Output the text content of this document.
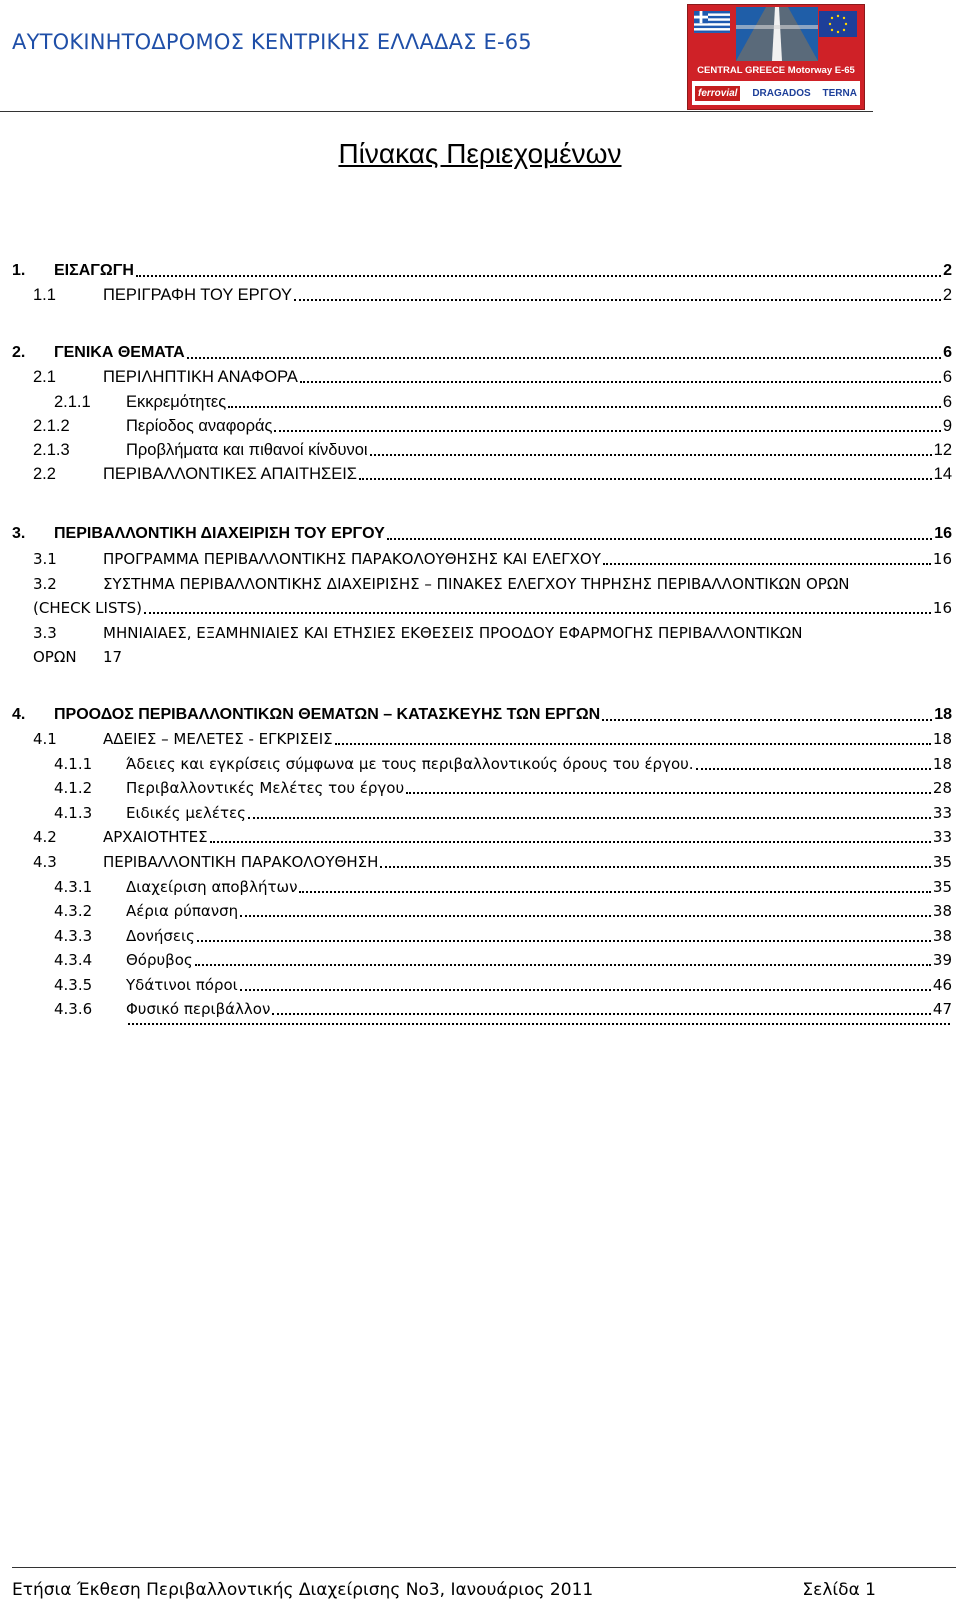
ΑΥΤΟΚΙΝΗΤΟΔΡΟΜΟΣ ΚΕΝΤΡΙΚΗΣ ΕΛΛΑΔΑΣ Ε-65
CENTRAL GREECE Motorway E-65
ferrovial	DRAGADOS TERNA
Πίνακας Περιεχομένων
1.	ΕΙΣΑΓΩΓΗ	2
1.1	ΠΕΡΙΓΡΑΦΗ ΤΟΥ ΕΡΓΟΥ	2
2.	ΓΕΝΙΚΑ ΘΕΜΑΤΑ	6
2.1	ΠΕΡΙΛΗΠΤΙΚΗ ΑΝΑΦΟΡΑ	6
2.1.1	Εκκρεμότητες	6
2.1.2	Περίοδος αναφοράς	9
2.1.3	Προβλήματα και πιθανοί κίνδυνοι	12
2.2	ΠΕΡΙΒΑΛΛΟΝΤΙΚΕΣ ΑΠΑΙΤΗΣΕΙΣ	14
3.	ΠΕΡΙΒΑΛΛΟΝΤΙΚΗ ΔΙΑΧΕΙΡΙΣΗ ΤΟΥ ΕΡΓΟΥ	16
3.1	ΠΡΟΓΡΑΜΜΑ ΠΕΡΙΒΑΛΛΟΝΤΙΚΗΣ ΠΑΡΑΚΟΛΟΥΘΗΣΗΣ ΚΑΙ ΕΛΕΓΧΟΥ	16
3.2	ΣΥΣΤΗΜΑ ΠΕΡΙΒΑΛΛΟΝΤΙΚΗΣ ΔΙΑΧΕΙΡΙΣΗΣ – ΠΙΝΑΚΕΣ ΕΛΕΓΧΟΥ ΤΗΡΗΣΗΣ ΠΕΡΙΒΑΛΛΟΝΤΙΚΩΝ ΟΡΩΝ
(CHECK LISTS)	16
3.3	ΜΗΝΙΑΙΑΕΣ, ΕΞΑΜΗΝΙΑΙΕΣ ΚΑΙ ΕΤΗΣΙΕΣ ΕΚΘΕΣΕΙΣ ΠΡΟΟΔΟΥ ΕΦΑΡΜΟΓΗΣ ΠΕΡΙΒΑΛΛΟΝΤΙΚΩΝ
ΟΡΩΝ 17
4.	ΠΡΟΟΔΟΣ ΠΕΡΙΒΑΛΛΟΝΤΙΚΩΝ ΘΕΜΑΤΩΝ – ΚΑΤΑΣΚΕΥΗΣ ΤΩΝ ΕΡΓΩΝ	18
4.1	ΑΔΕΙΕΣ – ΜΕΛΕΤΕΣ - ΕΓΚΡΙΣΕΙΣ	18
4.1.1	Άδειες και εγκρίσεις σύμφωνα με τους περιβαλλοντικούς όρους του έργου.	18
4.1.2	Περιβαλλοντικές Μελέτες του έργου	28
4.1.3	Ειδικές μελέτες	33
4.2	ΑΡΧΑΙΟΤΗΤΕΣ	33
4.3	ΠΕΡΙΒΑΛΛΟΝΤΙΚΗ ΠΑΡΑΚΟΛΟΥΘΗΣΗ	35
4.3.1	Διαχείριση αποβλήτων	35
4.3.2	Αέρια ρύπανση	38
4.3.3	Δονήσεις	38
4.3.4	Θόρυβος	39
4.3.5	Υδάτινοι πόροι	46
4.3.6	Φυσικό περιβάλλον	47
Ετήσια Έκθεση Περιβαλλοντικής Διαχείρισης Νο3, Ιανουάριος 2011	Σελίδα 1
